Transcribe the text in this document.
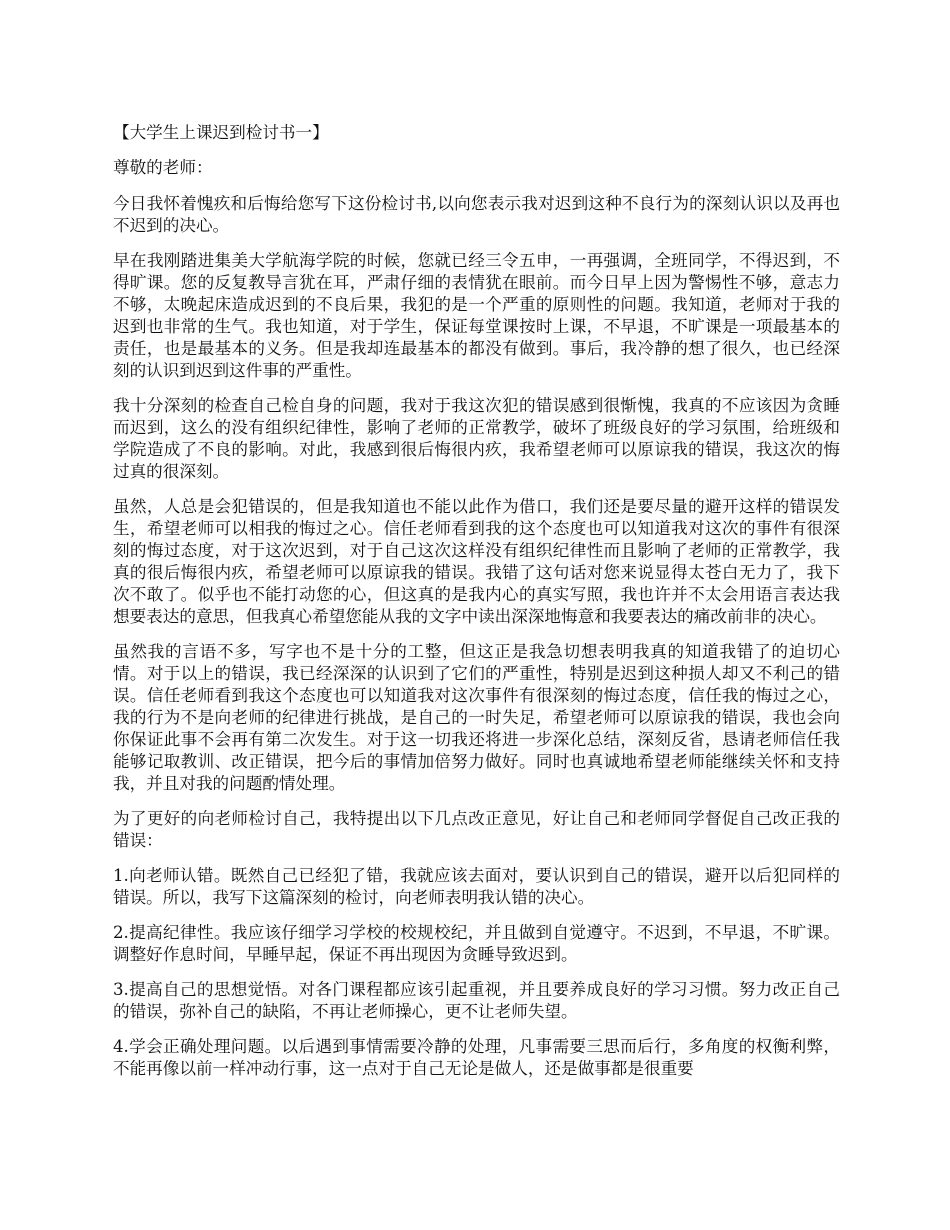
【大学生上课迟到检讨书一】

尊敬的老师：

今日我怀着愧疚和后悔给您写下这份检讨书,以向您表示我对迟到这种不良行为的深刻认识以及再也不迟到的决心。

早在我刚踏进集美大学航海学院的时候，您就已经三令五申，一再强调，全班同学，不得迟到，不得旷课。您的反复教导言犹在耳，严肃仔细的表情犹在眼前。而今日早上因为警惕性不够，意志力不够，太晚起床造成迟到的不良后果，我犯的是一个严重的原则性的问题。我知道，老师对于我的迟到也非常的生气。我也知道，对于学生，保证每堂课按时上课，不早退，不旷课是一项最基本的责任，也是最基本的义务。但是我却连最基本的都没有做到。事后，我冷静的想了很久，也已经深刻的认识到迟到这件事的严重性。

我十分深刻的检查自己检自身的问题，我对于我这次犯的错误感到很惭愧，我真的不应该因为贪睡而迟到，这么的没有组织纪律性，影响了老师的正常教学，破坏了班级良好的学习氛围，给班级和学院造成了不良的影响。对此，我感到很后悔很内疚，我希望老师可以原谅我的错误，我这次的悔过真的很深刻。

虽然，人总是会犯错误的，但是我知道也不能以此作为借口，我们还是要尽量的避开这样的错误发生，希望老师可以相我的悔过之心。信任老师看到我的这个态度也可以知道我对这次的事件有很深刻的悔过态度，对于这次迟到，对于自己这次这样没有组织纪律性而且影响了老师的正常教学，我真的很后悔很内疚，希望老师可以原谅我的错误。我错了这句话对您来说显得太苍白无力了，我下次不敢了。似乎也不能打动您的心，但这真的是我内心的真实写照，我也许并不太会用语言表达我想要表达的意思，但我真心希望您能从我的文字中读出深深地悔意和我要表达的痛改前非的决心。

虽然我的言语不多，写字也不是十分的工整，但这正是我急切想表明我真的知道我错了的迫切心情。对于以上的错误，我已经深深的认识到了它们的严重性，特别是迟到这种损人却又不利己的错误。信任老师看到我这个态度也可以知道我对这次事件有很深刻的悔过态度，信任我的悔过之心，我的行为不是向老师的纪律进行挑战，是自己的一时失足，希望老师可以原谅我的错误，我也会向你保证此事不会再有第二次发生。对于这一切我还将进一步深化总结，深刻反省，恳请老师信任我能够记取教训、改正错误，把今后的事情加倍努力做好。同时也真诚地希望老师能继续关怀和支持我，并且对我的问题酌情处理。

为了更好的向老师检讨自己，我特提出以下几点改正意见，好让自己和老师同学督促自己改正我的错误：

1.向老师认错。既然自己已经犯了错，我就应该去面对，要认识到自己的错误，避开以后犯同样的错误。所以，我写下这篇深刻的检讨，向老师表明我认错的决心。

2.提高纪律性。我应该仔细学习学校的校规校纪，并且做到自觉遵守。不迟到，不早退，不旷课。调整好作息时间，早睡早起，保证不再出现因为贪睡导致迟到。

3.提高自己的思想觉悟。对各门课程都应该引起重视，并且要养成良好的学习习惯。努力改正自己的错误，弥补自己的缺陷，不再让老师操心，更不让老师失望。

4.学会正确处理问题。以后遇到事情需要冷静的处理，凡事需要三思而后行，多角度的权衡利弊，不能再像以前一样冲动行事，这一点对于自己无论是做人，还是做事都是很重要
